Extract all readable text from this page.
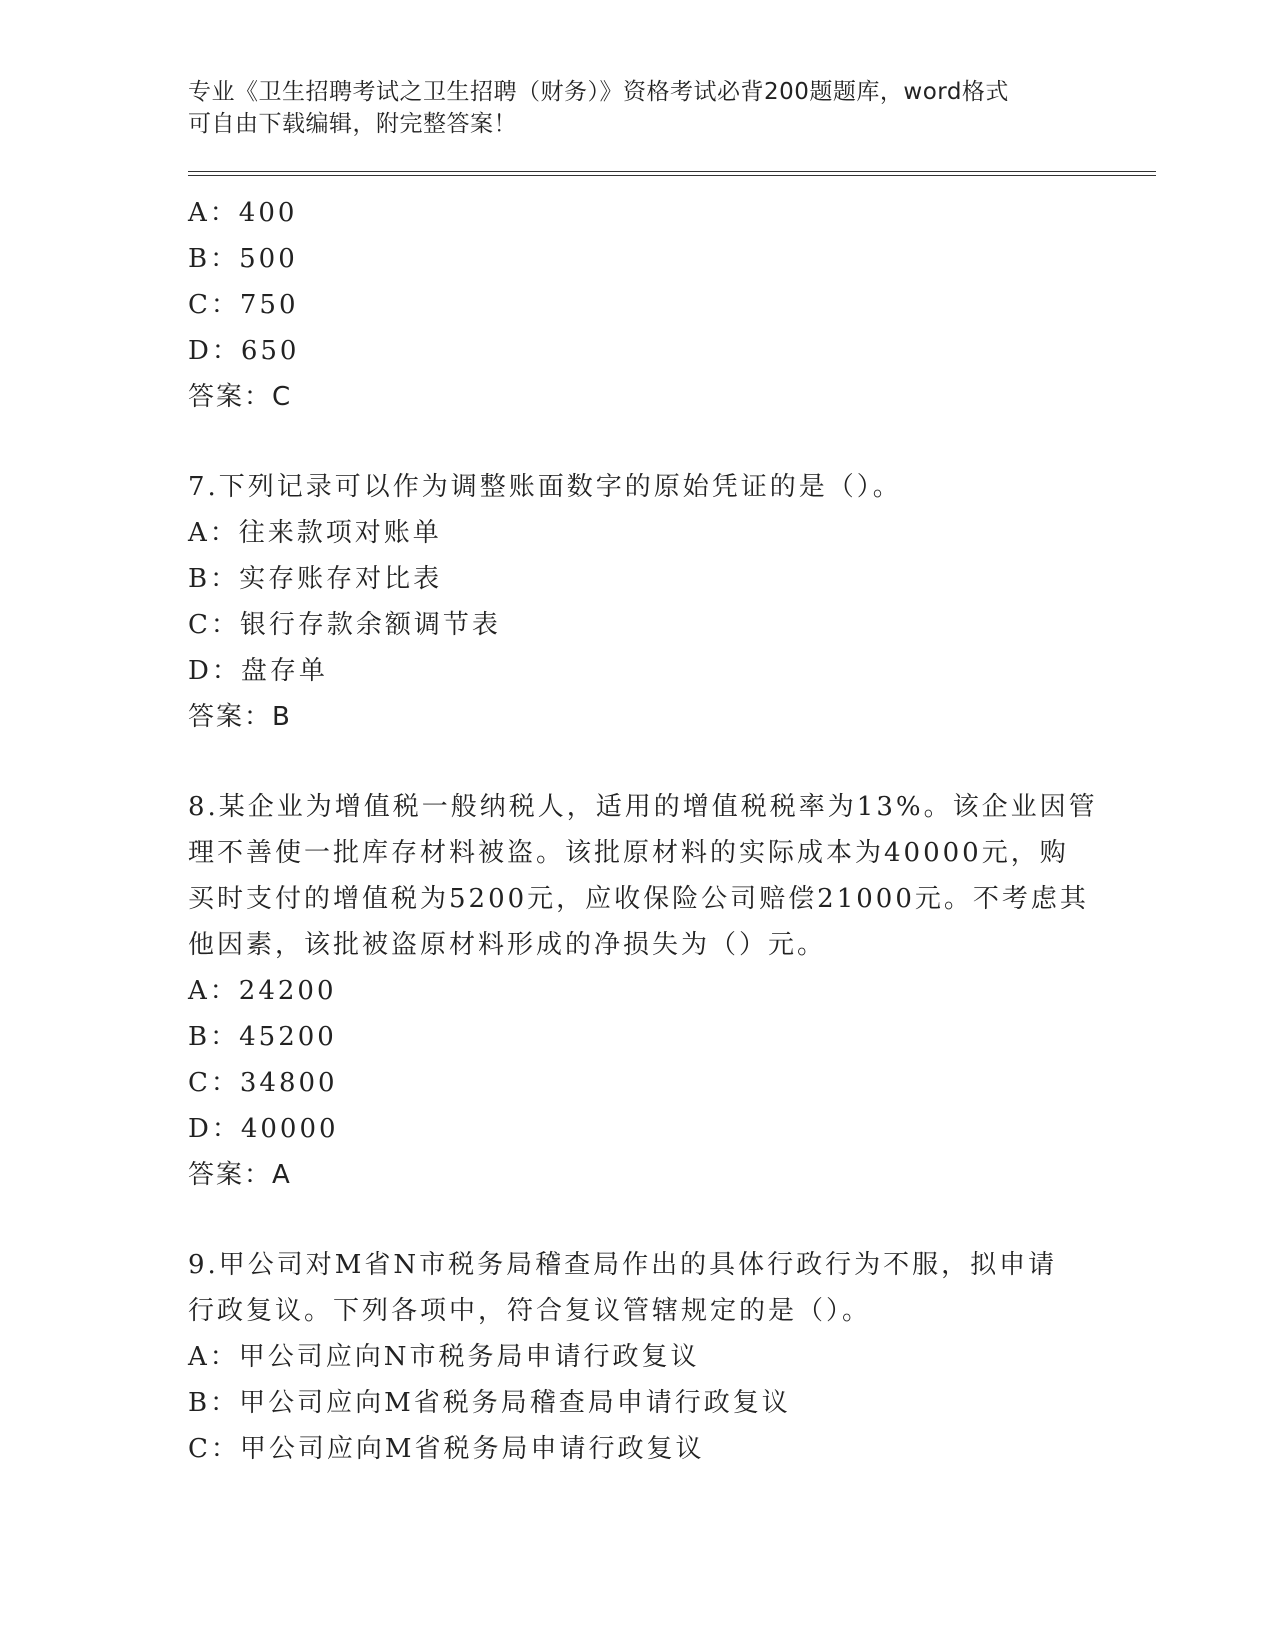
专业《卫生招聘考试之卫生招聘（财务）》资格考试必背200题题库，word格式
可自由下载编辑，附完整答案！
A：400
B：500
C：750
D：650
答案：C
7.下列记录可以作为调整账面数字的原始凭证的是（）。
A：往来款项对账单
B：实存账存对比表
C：银行存款余额调节表
D：盘存单
答案：B
8.某企业为增值税一般纳税人，适用的增值税税率为13%。该企业因管
理不善使一批库存材料被盗。该批原材料的实际成本为40000元，购
买时支付的增值税为5200元，应收保险公司赔偿21000元。不考虑其
他因素，该批被盗原材料形成的净损失为（）元。
A：24200
B：45200
C：34800
D：40000
答案：A
9.甲公司对M省N市税务局稽查局作出的具体行政行为不服，拟申请
行政复议。下列各项中，符合复议管辖规定的是（）。
A：甲公司应向N市税务局申请行政复议
B：甲公司应向M省税务局稽查局申请行政复议
C：甲公司应向M省税务局申请行政复议
